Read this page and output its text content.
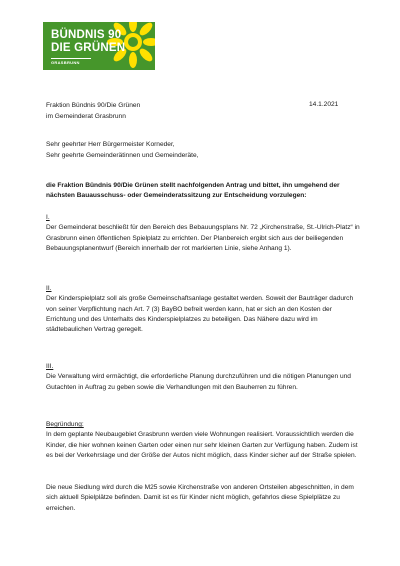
BÜNDNIS 90
DIE GRÜNEN
GRASBRUNN
Fraktion Bündnis 90/Die Grünen	14.1.2021
im Gemeinderat Grasbrunn
Sehr geehrter Herr Bürgermeister Korneder,
Sehr geehrte Gemeinderätinnen und Gemeinderäte,
die Fraktion Bündnis 90/Die Grünen stellt nachfolgenden Antrag und bittet, ihn umgehend der nächsten Bauausschuss- oder Gemeinderatssitzung zur Entscheidung vorzulegen:

I.

Der Gemeinderat beschließt für den Bereich des Bebauungsplans Nr. 72 „Kirchenstraße, St.-Ulrich-Platz“ in Grasbrunn einen öffentlichen Spielplatz zu errichten. Der Planbereich ergibt sich aus der beiliegenden Bebauungsplanentwurf (Bereich innerhalb der rot markierten Linie, siehe Anhang 1).

II.

Der Kinderspielplatz soll als große Gemeinschaftsanlage gestaltet werden. Soweit der Bauträger dadurch von seiner Verpflichtung nach Art. 7 (3) BayBO befreit werden kann, hat er sich an den Kosten der Errichtung und des Unterhalts des Kinderspielplatzes zu beteiligen. Das Nähere dazu wird im städtebaulichen Vertrag geregelt.

III.

Die Verwaltung wird ermächtigt, die erforderliche Planung durchzuführen und die nötigen Planungen und Gutachten in Auftrag zu geben sowie die Verhandlungen mit den Bauherren zu führen.

Begründung:

In dem geplante Neubaugebiet Grasbrunn werden viele Wohnungen realisiert. Voraussichtlich werden die Kinder, die hier wohnen keinen Garten oder einen nur sehr kleinen Garten zur Verfügung haben. Zudem ist es bei der Verkehrslage und der Größe der Autos nicht möglich, dass Kinder sicher auf der Straße spielen.

Die neue Siedlung wird durch die M25 sowie Kirchenstraße von anderen Ortsteilen abgeschnitten, in dem sich aktuell Spielplätze befinden. Damit ist es für Kinder nicht möglich, gefahrlos diese Spielplätze zu erreichen.
